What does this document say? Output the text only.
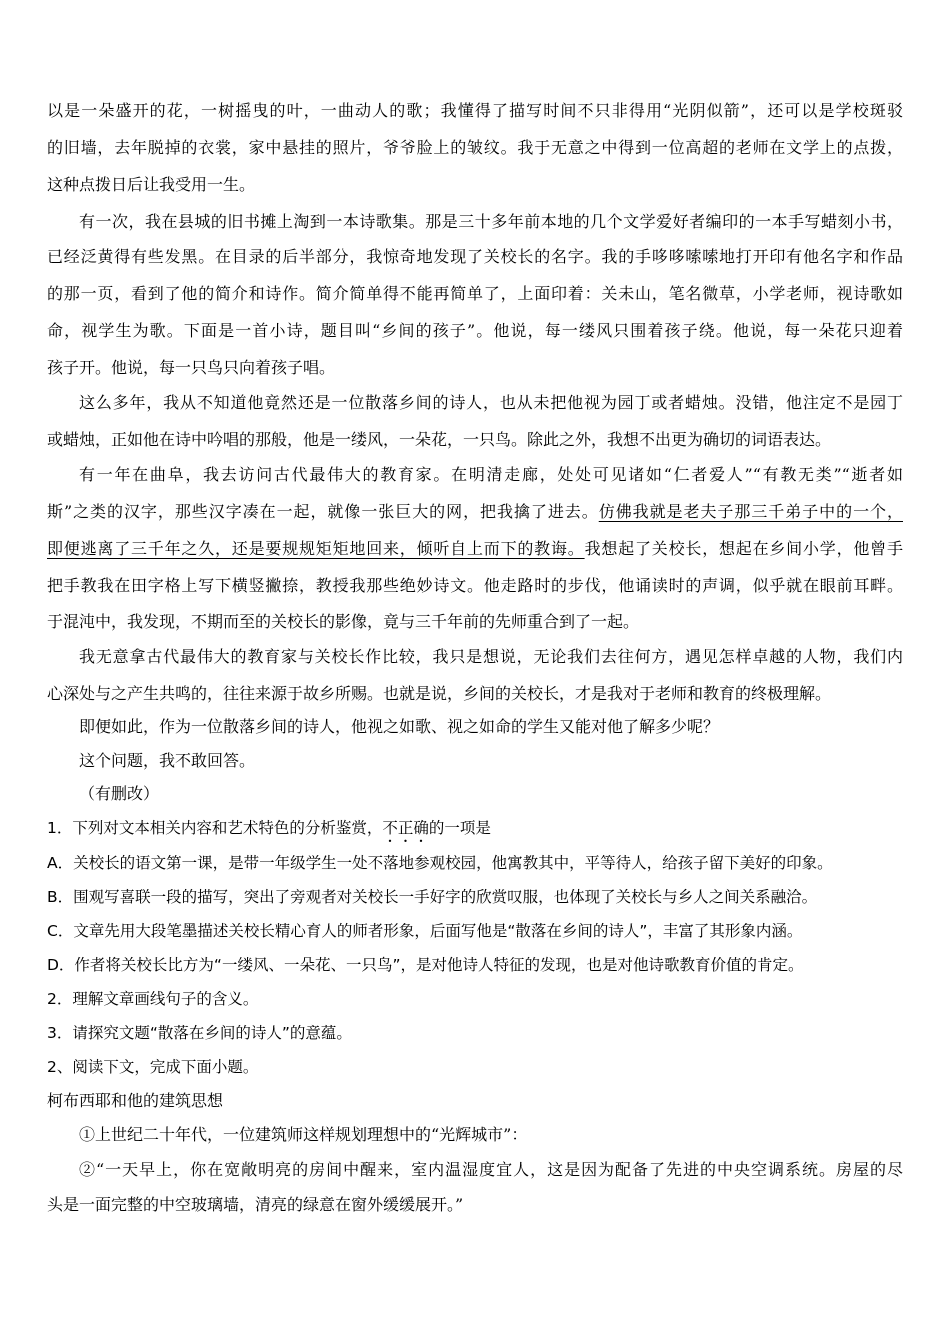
以是一朵盛开的花，一树摇曳的叶，一曲动人的歌；我懂得了描写时间不只非得用“光阴似箭”，还可以是学校斑驳
的旧墙，去年脱掉的衣裳，家中悬挂的照片，爷爷脸上的皱纹。我于无意之中得到一位高超的老师在文学上的点拨，
这种点拨日后让我受用一生。
有一次，我在县城的旧书摊上淘到一本诗歌集。那是三十多年前本地的几个文学爱好者编印的一本手写蜡刻小书，
已经泛黄得有些发黑。在目录的后半部分，我惊奇地发现了关校长的名字。我的手哆哆嗦嗦地打开印有他名字和作品
的那一页，看到了他的简介和诗作。简介简单得不能再简单了，上面印着：关未山，笔名微草，小学老师，视诗歌如
命，视学生为歌。下面是一首小诗，题目叫“乡间的孩子”。他说，每一缕风只围着孩子绕。他说，每一朵花只迎着
孩子开。他说，每一只鸟只向着孩子唱。
这么多年，我从不知道他竟然还是一位散落乡间的诗人，也从未把他视为园丁或者蜡烛。没错，他注定不是园丁
或蜡烛，正如他在诗中吟唱的那般，他是一缕风，一朵花，一只鸟。除此之外，我想不出更为确切的词语表达。
有一年在曲阜，我去访问古代最伟大的教育家。在明清走廊，处处可见诸如“仁者爱人”“有教无类”“逝者如
斯”之类的汉字，那些汉字凑在一起，就像一张巨大的网，把我擒了进去。仿佛我就是老夫子那三千弟子中的一个，
即便逃离了三千年之久，还是要规规矩矩地回来，倾听自上而下的教诲。我想起了关校长，想起在乡间小学，他曾手
把手教我在田字格上写下横竖撇捺，教授我那些绝妙诗文。他走路时的步伐，他诵读时的声调，似乎就在眼前耳畔。
于混沌中，我发现，不期而至的关校长的影像，竟与三千年前的先师重合到了一起。
我无意拿古代最伟大的教育家与关校长作比较，我只是想说，无论我们去往何方，遇见怎样卓越的人物，我们内
心深处与之产生共鸣的，往往来源于故乡所赐。也就是说，乡间的关校长，才是我对于老师和教育的终极理解。
即便如此，作为一位散落乡间的诗人，他视之如歌、视之如命的学生又能对他了解多少呢？
这个问题，我不敢回答。
（有删改）
1．下列对文本相关内容和艺术特色的分析鉴赏，不正确的一项是
A．关校长的语文第一课，是带一年级学生一处不落地参观校园，他寓教其中，平等待人，给孩子留下美好的印象。
B．围观写喜联一段的描写，突出了旁观者对关校长一手好字的欣赏叹服，也体现了关校长与乡人之间关系融洽。
C．文章先用大段笔墨描述关校长精心育人的师者形象，后面写他是“散落在乡间的诗人”，丰富了其形象内涵。
D．作者将关校长比方为“一缕风、一朵花、一只鸟”，是对他诗人特征的发现，也是对他诗歌教育价值的肯定。
2．理解文章画线句子的含义。
3．请探究文题“散落在乡间的诗人”的意蕴。
2、阅读下文，完成下面小题。
柯布西耶和他的建筑思想
①上世纪二十年代，一位建筑师这样规划理想中的“光辉城市”：
②“一天早上，你在宽敞明亮的房间中醒来，室内温湿度宜人，这是因为配备了先进的中央空调系统。房屋的尽
头是一面完整的中空玻璃墙，清亮的绿意在窗外缓缓展开。”
